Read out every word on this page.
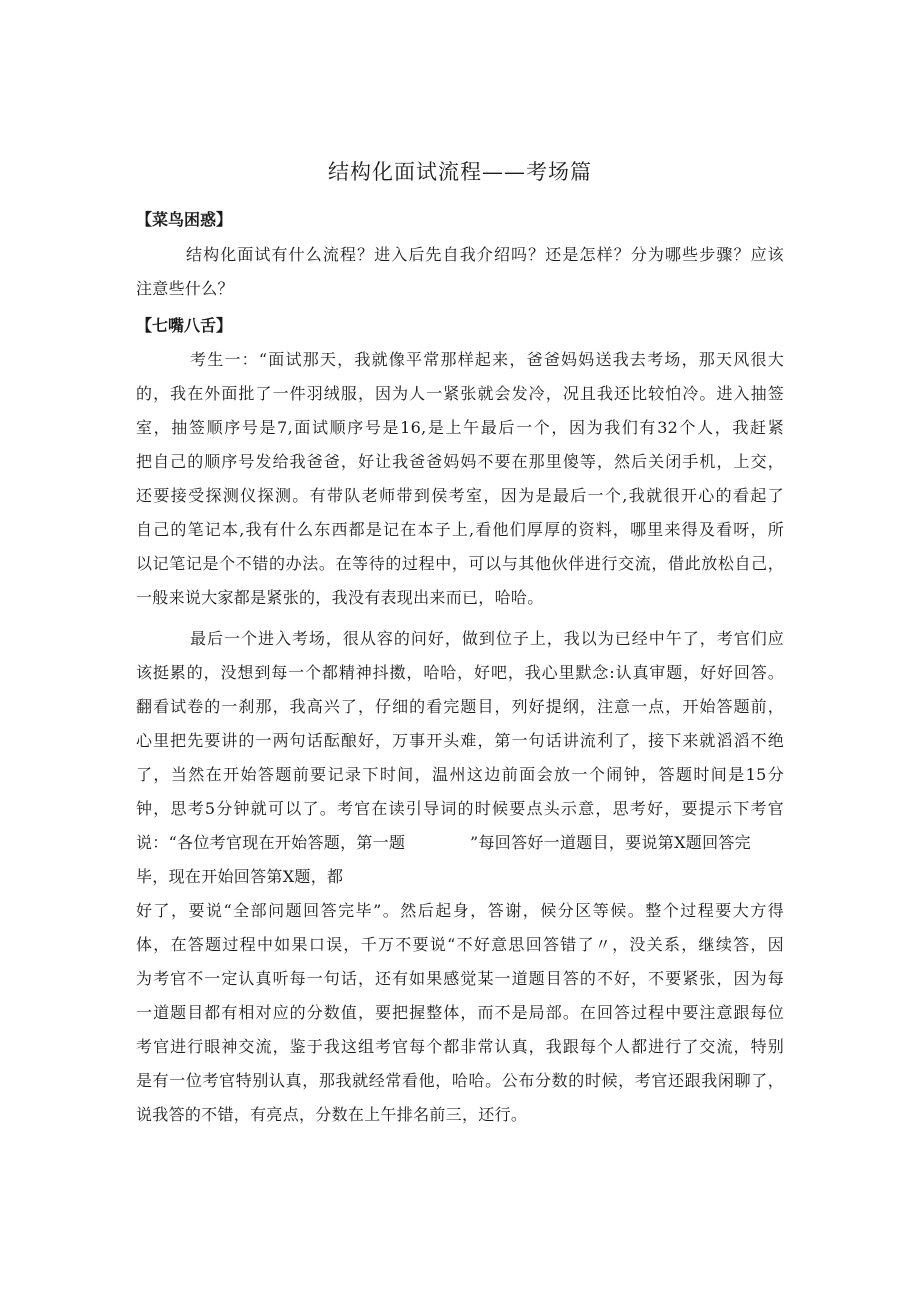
结构化面试流程——考场篇
【菜鸟困惑】
结构化面试有什么流程？进入后先自我介绍吗？还是怎样？分为哪些步骤？应该
注意些什么？
【七嘴八舌】
考生一：“面试那天，我就像平常那样起来，爸爸妈妈送我去考场，那天风很大
的，我在外面批了一件羽绒服，因为人一紧张就会发冷，况且我还比较怕冷。进入抽签
室，抽签顺序号是7,面试顺序号是16,是上午最后一个，因为我们有32个人，我赶紧
把自己的顺序号发给我爸爸，好让我爸爸妈妈不要在那里傻等，然后关闭手机，上交，
还要接受探测仪探测。有带队老师带到侯考室，因为是最后一个,我就很开心的看起了
自己的笔记本,我有什么东西都是记在本子上,看他们厚厚的资料，哪里来得及看呀，所
以记笔记是个不错的办法。在等待的过程中，可以与其他伙伴进行交流，借此放松自己，
一般来说大家都是紧张的，我没有表现出来而已，哈哈。
最后一个进入考场，很从容的问好，做到位子上，我以为已经中午了，考官们应
该挺累的，没想到每一个都精神抖擞，哈哈，好吧，我心里默念:认真审题，好好回答。
翻看试卷的一刹那，我高兴了，仔细的看完题目，列好提纲，注意一点，开始答题前，
心里把先要讲的一两句话酝酿好，万事开头难，第一句话讲流利了，接下来就滔滔不绝
了，当然在开始答题前要记录下时间，温州这边前面会放一个闹钟，答题时间是15分
钟，思考5分钟就可以了。考官在读引导词的时候要点头示意，思考好，要提示下考官
说：“各位考官现在开始答题，第一题	”每回答好一道题目，要说第X题回答完
毕，现在开始回答第X题，都
好了，要说“全部问题回答完毕”。然后起身，答谢，候分区等候。整个过程要大方得
体，在答题过程中如果口误，千万不要说“不好意思回答错了〃，没关系，继续答，因
为考官不一定认真听每一句话，还有如果感觉某一道题目答的不好，不要紧张，因为每
一道题目都有相对应的分数值，要把握整体，而不是局部。在回答过程中要注意跟每位
考官进行眼神交流，鉴于我这组考官每个都非常认真，我跟每个人都进行了交流，特别
是有一位考官特别认真，那我就经常看他，哈哈。公布分数的时候，考官还跟我闲聊了，
说我答的不错，有亮点，分数在上午排名前三，还行。
